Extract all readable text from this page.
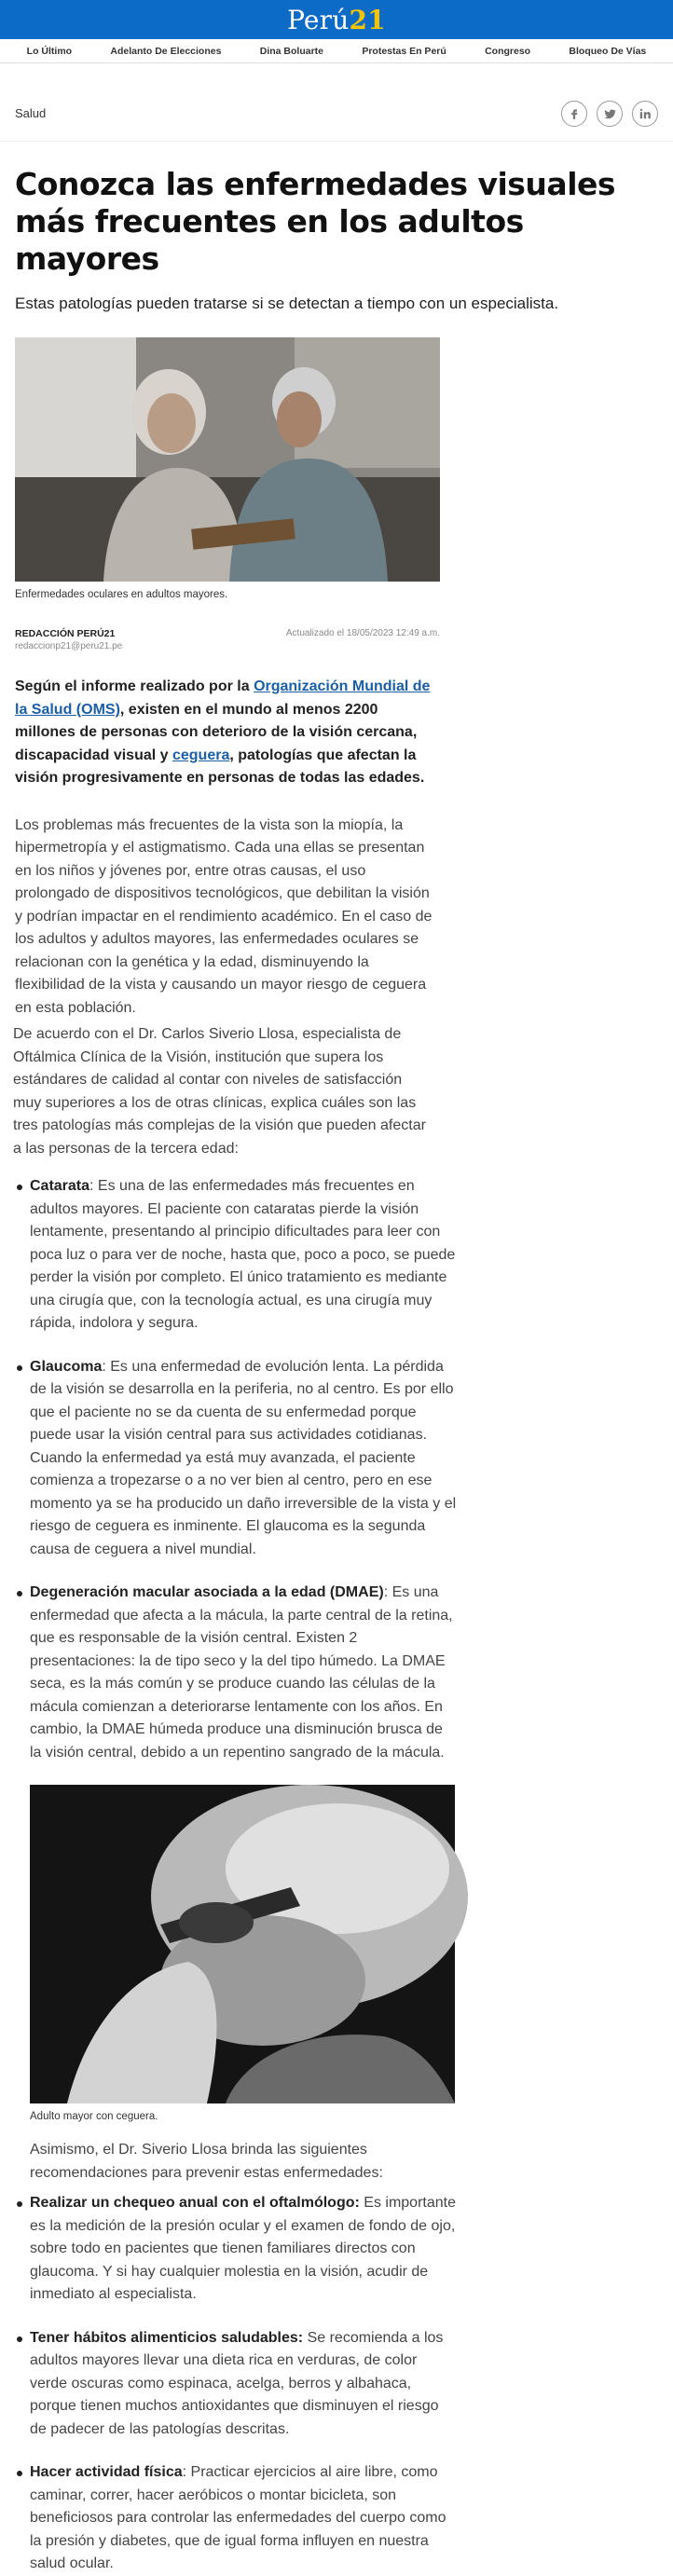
Perú21
Lo Último	Adelanto De Elecciones	Dina Boluarte	Protestas En Perú	Congreso	Bloqueo De Vías
Salud
Conozca las enfermedades visuales más frecuentes en los adultos mayores

Estas patologías pueden tratarse si se detectan a tiempo con un especialista.

Enfermedades oculares en adultos mayores.

REDACCIÓN PERÚ21
redaccionp21@peru21.pe
Actualizado el 18/05/2023 12:49 a.m.

Según el informe realizado por la Organización Mundial de la Salud (OMS), existen en el mundo al menos 2200 millones de personas con deterioro de la visión cercana, discapacidad visual y ceguera, patologías que afectan la visión progresivamente en personas de todas las edades.

Los problemas más frecuentes de la vista son la miopía, la hipermetropía y el astigmatismo. Cada una ellas se presentan en los niños y jóvenes por, entre otras causas, el uso prolongado de dispositivos tecnológicos, que debilitan la visión y podrían impactar en el rendimiento académico. En el caso de los adultos y adultos mayores, las enfermedades oculares se relacionan con la genética y la edad, disminuyendo la flexibilidad de la vista y causando un mayor riesgo de ceguera en esta población.

De acuerdo con el Dr. Carlos Siverio Llosa, especialista de Oftálmica Clínica de la Visión, institución que supera los estándares de calidad al contar con niveles de satisfacción muy superiores a los de otras clínicas, explica cuáles son las tres patologías más complejas de la visión que pueden afectar a las personas de la tercera edad:

Catarata: Es una de las enfermedades más frecuentes en adultos mayores. El paciente con cataratas pierde la visión lentamente, presentando al principio dificultades para leer con poca luz o para ver de noche, hasta que, poco a poco, se puede perder la visión por completo. El único tratamiento es mediante una cirugía que, con la tecnología actual, es una cirugía muy rápida, indolora y segura.
Glaucoma: Es una enfermedad de evolución lenta. La pérdida de la visión se desarrolla en la periferia, no al centro. Es por ello que el paciente no se da cuenta de su enfermedad porque puede usar la visión central para sus actividades cotidianas. Cuando la enfermedad ya está muy avanzada, el paciente comienza a tropezarse o a no ver bien al centro, pero en ese momento ya se ha producido un daño irreversible de la vista y el riesgo de ceguera es inminente. El glaucoma es la segunda causa de ceguera a nivel mundial.
Degeneración macular asociada a la edad (DMAE): Es una enfermedad que afecta a la mácula, la parte central de la retina, que es responsable de la visión central. Existen 2 presentaciones: la de tipo seco y la del tipo húmedo. La DMAE seca, es la más común y se produce cuando las células de la mácula comienzan a deteriorarse lentamente con los años. En cambio, la DMAE húmeda produce una disminución brusca de la visión central, debido a un repentino sangrado de la mácula.

Adulto mayor con ceguera.

Asimismo, el Dr. Siverio Llosa brinda las siguientes recomendaciones para prevenir estas enfermedades:

Realizar un chequeo anual con el oftalmólogo: Es importante es la medición de la presión ocular y el examen de fondo de ojo, sobre todo en pacientes que tienen familiares directos con glaucoma. Y si hay cualquier molestia en la visión, acudir de inmediato al especialista.
Tener hábitos alimenticios saludables: Se recomienda a los adultos mayores llevar una dieta rica en verduras, de color verde oscuras como espinaca, acelga, berros y albahaca, porque tienen muchos antioxidantes que disminuyen el riesgo de padecer de las patologías descritas.
Hacer actividad física: Practicar ejercicios al aire libre, como caminar, correr, hacer aeróbicos o montar bicicleta, son beneficiosos para controlar las enfermedades del cuerpo como la presión y diabetes, que de igual forma influyen en nuestra salud ocular.
